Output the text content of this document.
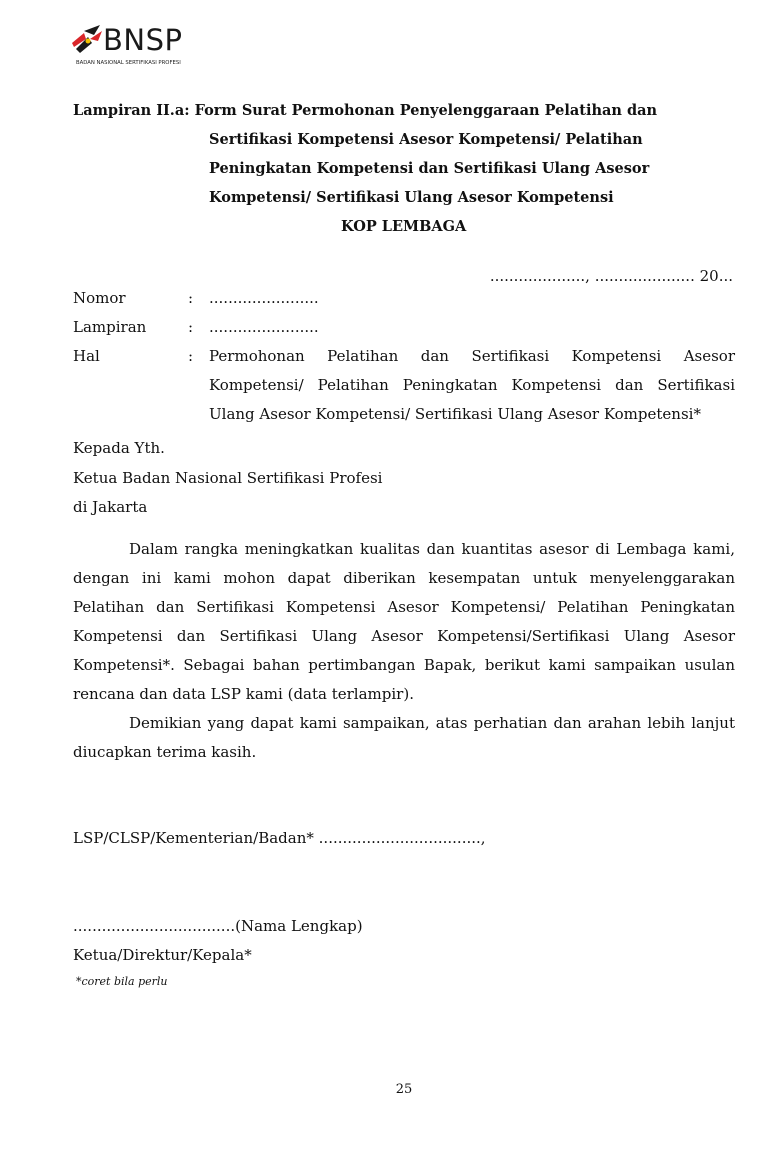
BNSP
BADAN NASIONAL SERTIFIKASI PROFESI
Lampiran II.a: Form Surat Permohonan Penyelenggaraan Pelatihan dan
Sertifikasi Kompetensi Asesor Kompetensi/ Pelatihan
Peningkatan Kompetensi dan Sertifikasi Ulang Asesor
Kompetensi/ Sertifikasi Ulang Asesor Kompetensi
KOP LEMBAGA
...................., ..................... 20...
Nomor	:	.......................
Lampiran	:	.......................
Hal	:	Permohonan Pelatihan dan Sertifikasi Kompetensi Asesor Kompetensi/ Pelatihan Peningkatan Kompetensi dan Sertifikasi Ulang Asesor Kompetensi/ Sertifikasi Ulang Asesor Kompetensi*
Kepada Yth.
Ketua Badan Nasional Sertifikasi Profesi
di Jakarta

Dalam rangka meningkatkan kualitas dan kuantitas asesor di Lembaga kami, dengan ini kami mohon dapat diberikan kesempatan untuk menyelenggarakan Pelatihan dan Sertifikasi Kompetensi Asesor Kompetensi/ Pelatihan Peningkatan Kompetensi dan Sertifikasi Ulang Asesor Kompetensi/Sertifikasi Ulang Asesor Kompetensi*. Sebagai bahan pertimbangan Bapak, berikut kami sampaikan usulan rencana dan data LSP kami (data terlampir).

Demikian yang dapat kami sampaikan, atas perhatian dan arahan lebih lanjut diucapkan terima kasih.

LSP/CLSP/Kementerian/Badan* ..................................,
..................................(Nama Lengkap)
Ketua/Direktur/Kepala*
*coret bila perlu
25
